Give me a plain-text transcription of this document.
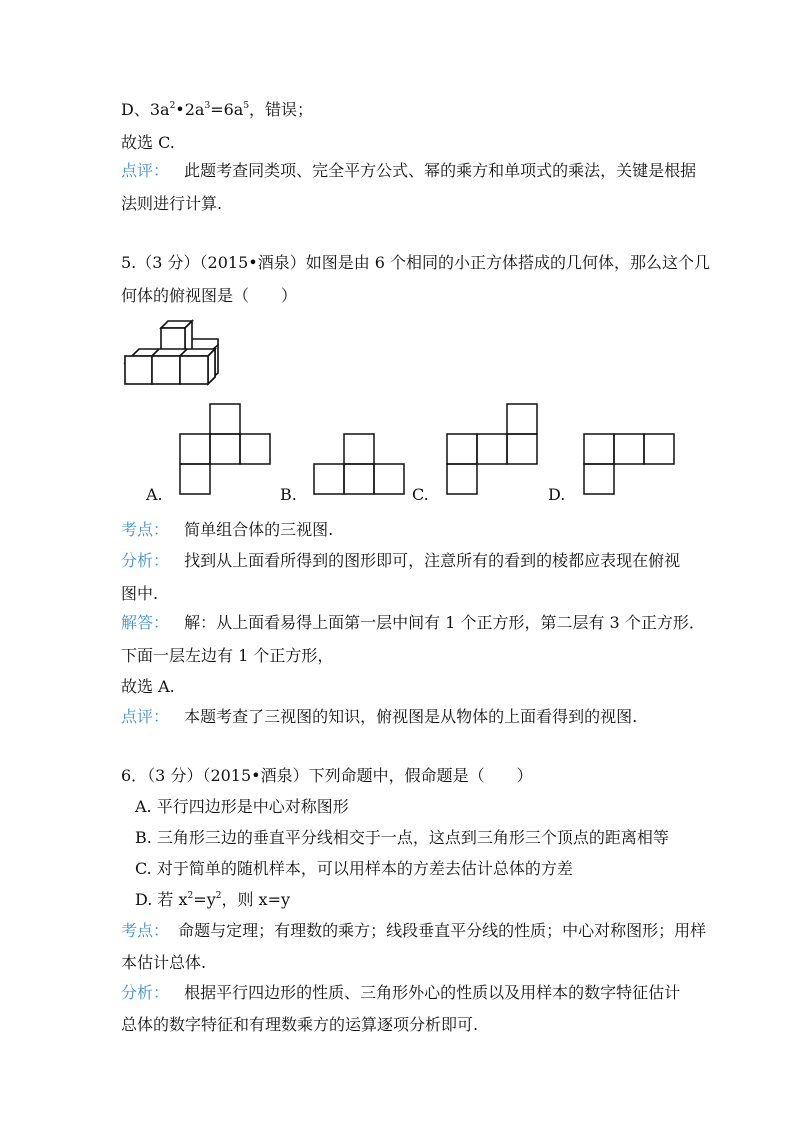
D、$3a^2•2a^3=6a^5$，错误；
故选 C.
点评： 此题考查同类项、完全平方公式、幂的乘方和单项式的乘法，关键是根据
法则进行计算.
5.（3 分）（2015•酒泉）如图是由 6 个相同的小正方体搭成的几何体，那么这个几
何体的俯视图是（　　）
A.	B.	C.	D.
考点： 简单组合体的三视图.
分析： 找到从上面看所得到的图形即可，注意所有的看到的棱都应表现在俯视
图中.
解答： 解：从上面看易得上面第一层中间有 1 个正方形，第二层有 3 个正方形．
下面一层左边有 1 个正方形，
故选 A.
点评： 本题考查了三视图的知识，俯视图是从物体的上面看得到的视图.
6．（3 分）（2015•酒泉）下列命题中，假命题是（　　）
A. 平行四边形是中心对称图形
B. 三角形三边的垂直平分线相交于一点，这点到三角形三个顶点的距离相等
C. 对于简单的随机样本，可以用样本的方差去估计总体的方差
D. 若 $x^2=y^2$，则 x=y
考点： 命题与定理；有理数的乘方；线段垂直平分线的性质；中心对称图形；用样
本估计总体.
分析： 根据平行四边形的性质、三角形外心的性质以及用样本的数字特征估计
总体的数字特征和有理数乘方的运算逐项分析即可.
